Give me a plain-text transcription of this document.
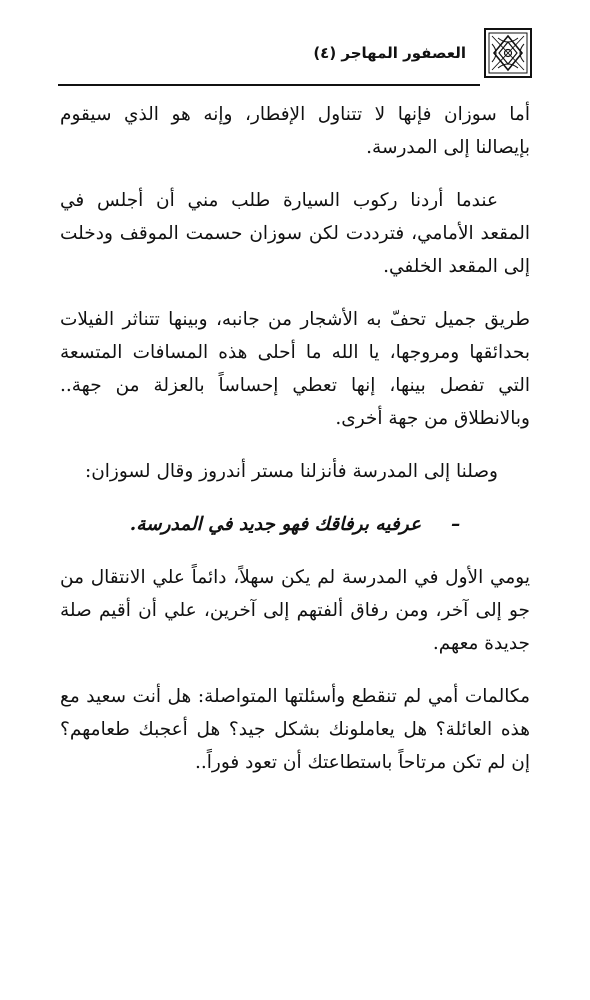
العصفور المهاجر (٤)

أما سوزان فإنها لا تتناول الإفطار، وإنه هو الذي سيقوم بإيصالنا إلى المدرسة.

عندما أردنا ركوب السيارة طلب مني أن أجلس في المقعد الأمامي، فترددت لكن سوزان حسمت الموقف ودخلت إلى المقعد الخلفي.

طريق جميل تحفّ به الأشجار من جانبه، وبينها تتناثر الفيلات بحدائقها ومروجها، يا الله ما أحلى هذه المسافات المتسعة التي تفصل بينها، إنها تعطي إحساساً بالعزلة من جهة.. وبالانطلاق من جهة أخرى.

وصلنا إلى المدرسة فأنزلنا مستر أندروز وقال لسوزان:

–
عرفيه برفاقك فهو جديد في المدرسة.

يومي الأول في المدرسة لم يكن سهلاً، دائماً علي الانتقال من جو إلى آخر، ومن رفاق ألفتهم إلى آخرين، علي أن أقيم صلة جديدة معهم.

مكالمات أمي لم تنقطع وأسئلتها المتواصلة: هل أنت سعيد مع هذه العائلة؟ هل يعاملونك بشكل جيد؟ هل أعجبك طعامهم؟ إن لم تكن مرتاحاً باستطاعتك أن تعود فوراً..
